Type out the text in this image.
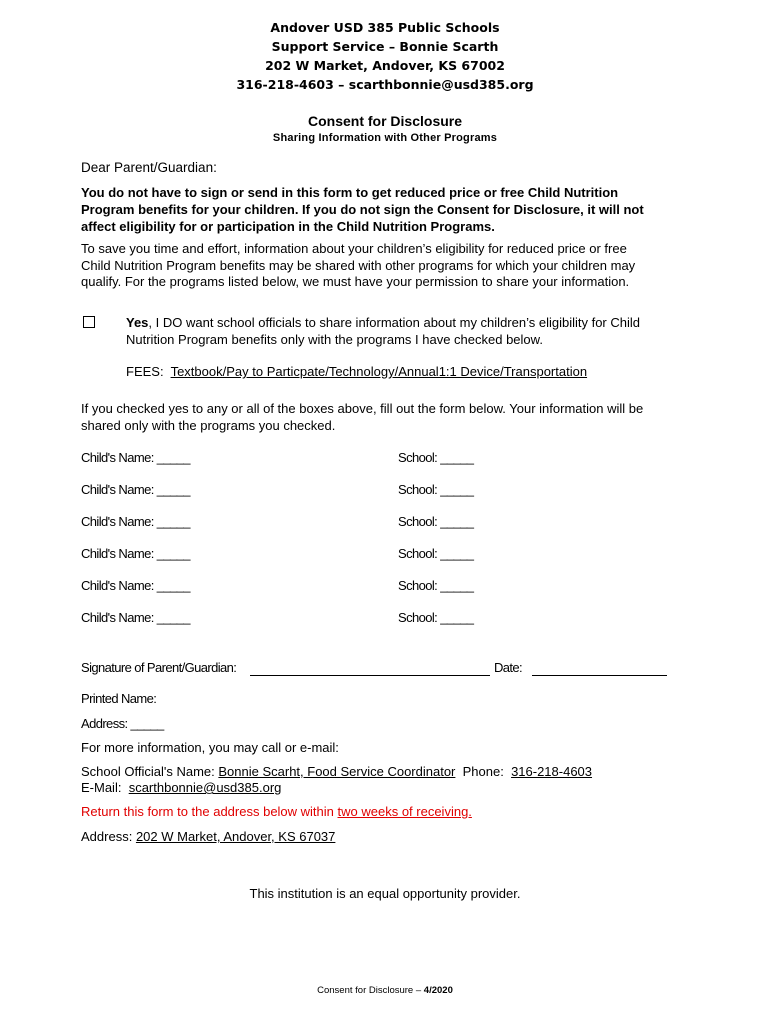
Andover USD 385 Public Schools
Support Service – Bonnie Scarth
202 W Market, Andover, KS 67002
316-218-4603 – scarthbonnie@usd385.org
Consent for Disclosure
Sharing Information with Other Programs
Dear Parent/Guardian:
You do not have to sign or send in this form to get reduced price or free Child Nutrition
Program benefits for your children. If you do not sign the Consent for Disclosure, it will not
affect eligibility for or participation in the Child Nutrition Programs.
To save you time and effort, information about your children’s eligibility for reduced price or free
Child Nutrition Program benefits may be shared with other programs for which your children may
qualify. For the programs listed below, we must have your permission to share your information.
Yes, I DO want school officials to share information about my children’s eligibility for Child
Nutrition Program benefits only with the programs I have checked below.
FEES: Textbook/Pay to Particpate/Technology/Annual1:1 Device/Transportation
If you checked yes to any or all of the boxes above, fill out the form below. Your information will be
shared only with the programs you checked.
Child's Name: _____	School: _____
Child's Name: _____	School: _____
Child's Name: _____	School: _____
Child's Name: _____	School: _____
Child's Name: _____	School: _____
Child's Name: _____	School: _____
Signature of Parent/Guardian:	Date:
Printed Name:
Address: _____
For more information, you may call or e-mail:
School Official's Name: Bonnie Scarht, Food Service Coordinator Phone: 316-218-4603
E-Mail: scarthbonnie@usd385.org
Return this form to the address below within two weeks of receiving.
Address: 202 W Market, Andover, KS 67037
This institution is an equal opportunity provider.
Consent for Disclosure – 4/2020
